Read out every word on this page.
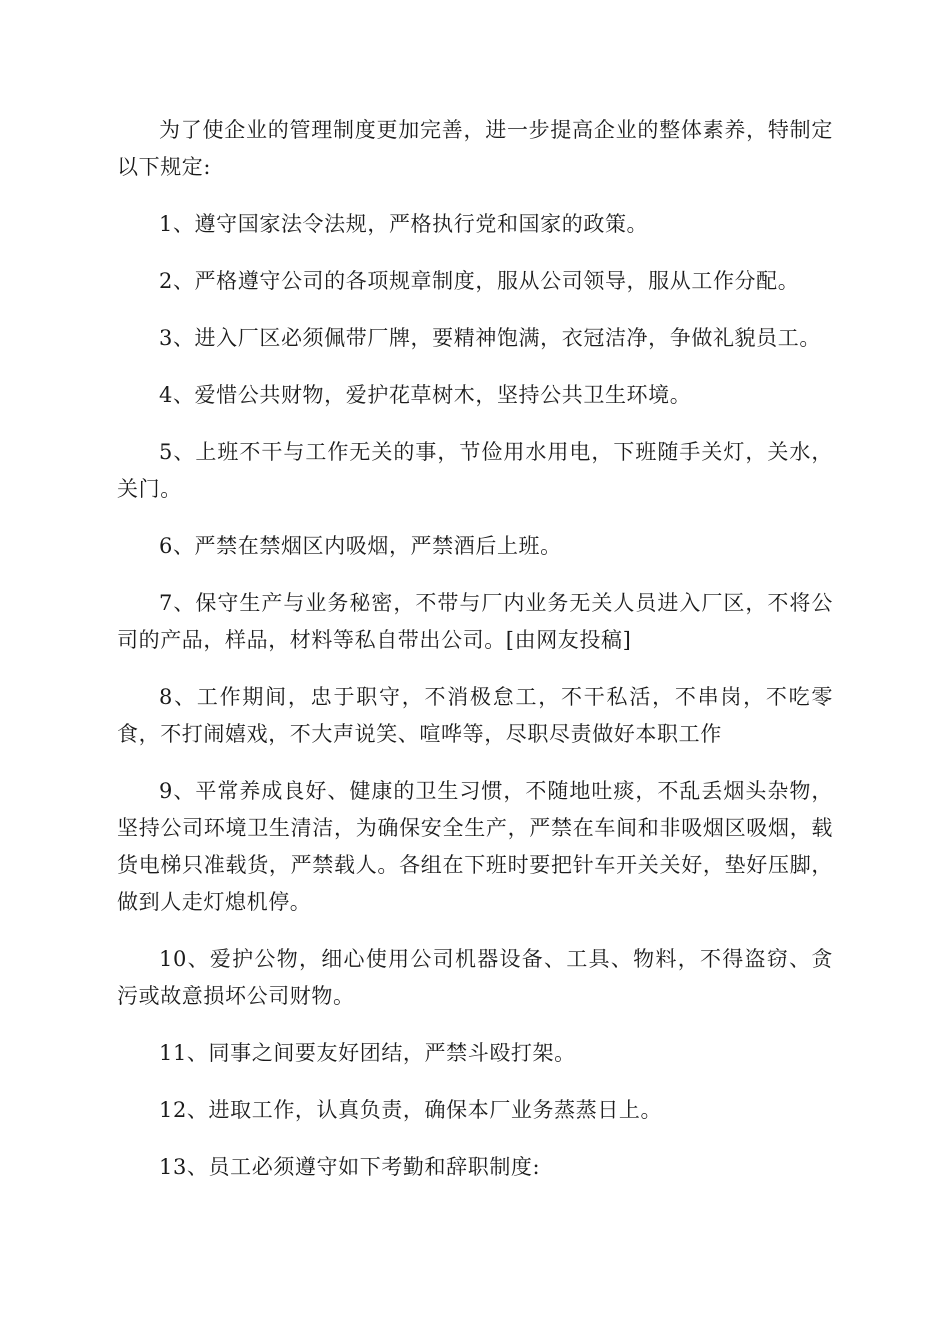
为了使企业的管理制度更加完善，进一步提高企业的整体素养，特制定以下规定:

1、遵守国家法令法规，严格执行党和国家的政策。

2、严格遵守公司的各项规章制度，服从公司领导，服从工作分配。

3、进入厂区必须佩带厂牌，要精神饱满，衣冠洁净，争做礼貌员工。

4、爱惜公共财物，爱护花草树木，坚持公共卫生环境。

5、上班不干与工作无关的事，节俭用水用电，下班随手关灯，关水，关门。

6、严禁在禁烟区内吸烟，严禁酒后上班。

7、保守生产与业务秘密，不带与厂内业务无关人员进入厂区，不将公司的产品，样品，材料等私自带出公司。[由网友投稿]

8、工作期间，忠于职守，不消极怠工，不干私活，不串岗，不吃零食，不打闹嬉戏，不大声说笑、喧哗等，尽职尽责做好本职工作

9、平常养成良好、健康的卫生习惯，不随地吐痰，不乱丢烟头杂物，坚持公司环境卫生清洁，为确保安全生产，严禁在车间和非吸烟区吸烟，载货电梯只准载货，严禁载人。各组在下班时要把针车开关关好，垫好压脚，做到人走灯熄机停。

10、爱护公物，细心使用公司机器设备、工具、物料，不得盗窃、贪污或故意损坏公司财物。

11、同事之间要友好团结，严禁斗殴打架。

12、进取工作，认真负责，确保本厂业务蒸蒸日上。

13、员工必须遵守如下考勤和辞职制度:
